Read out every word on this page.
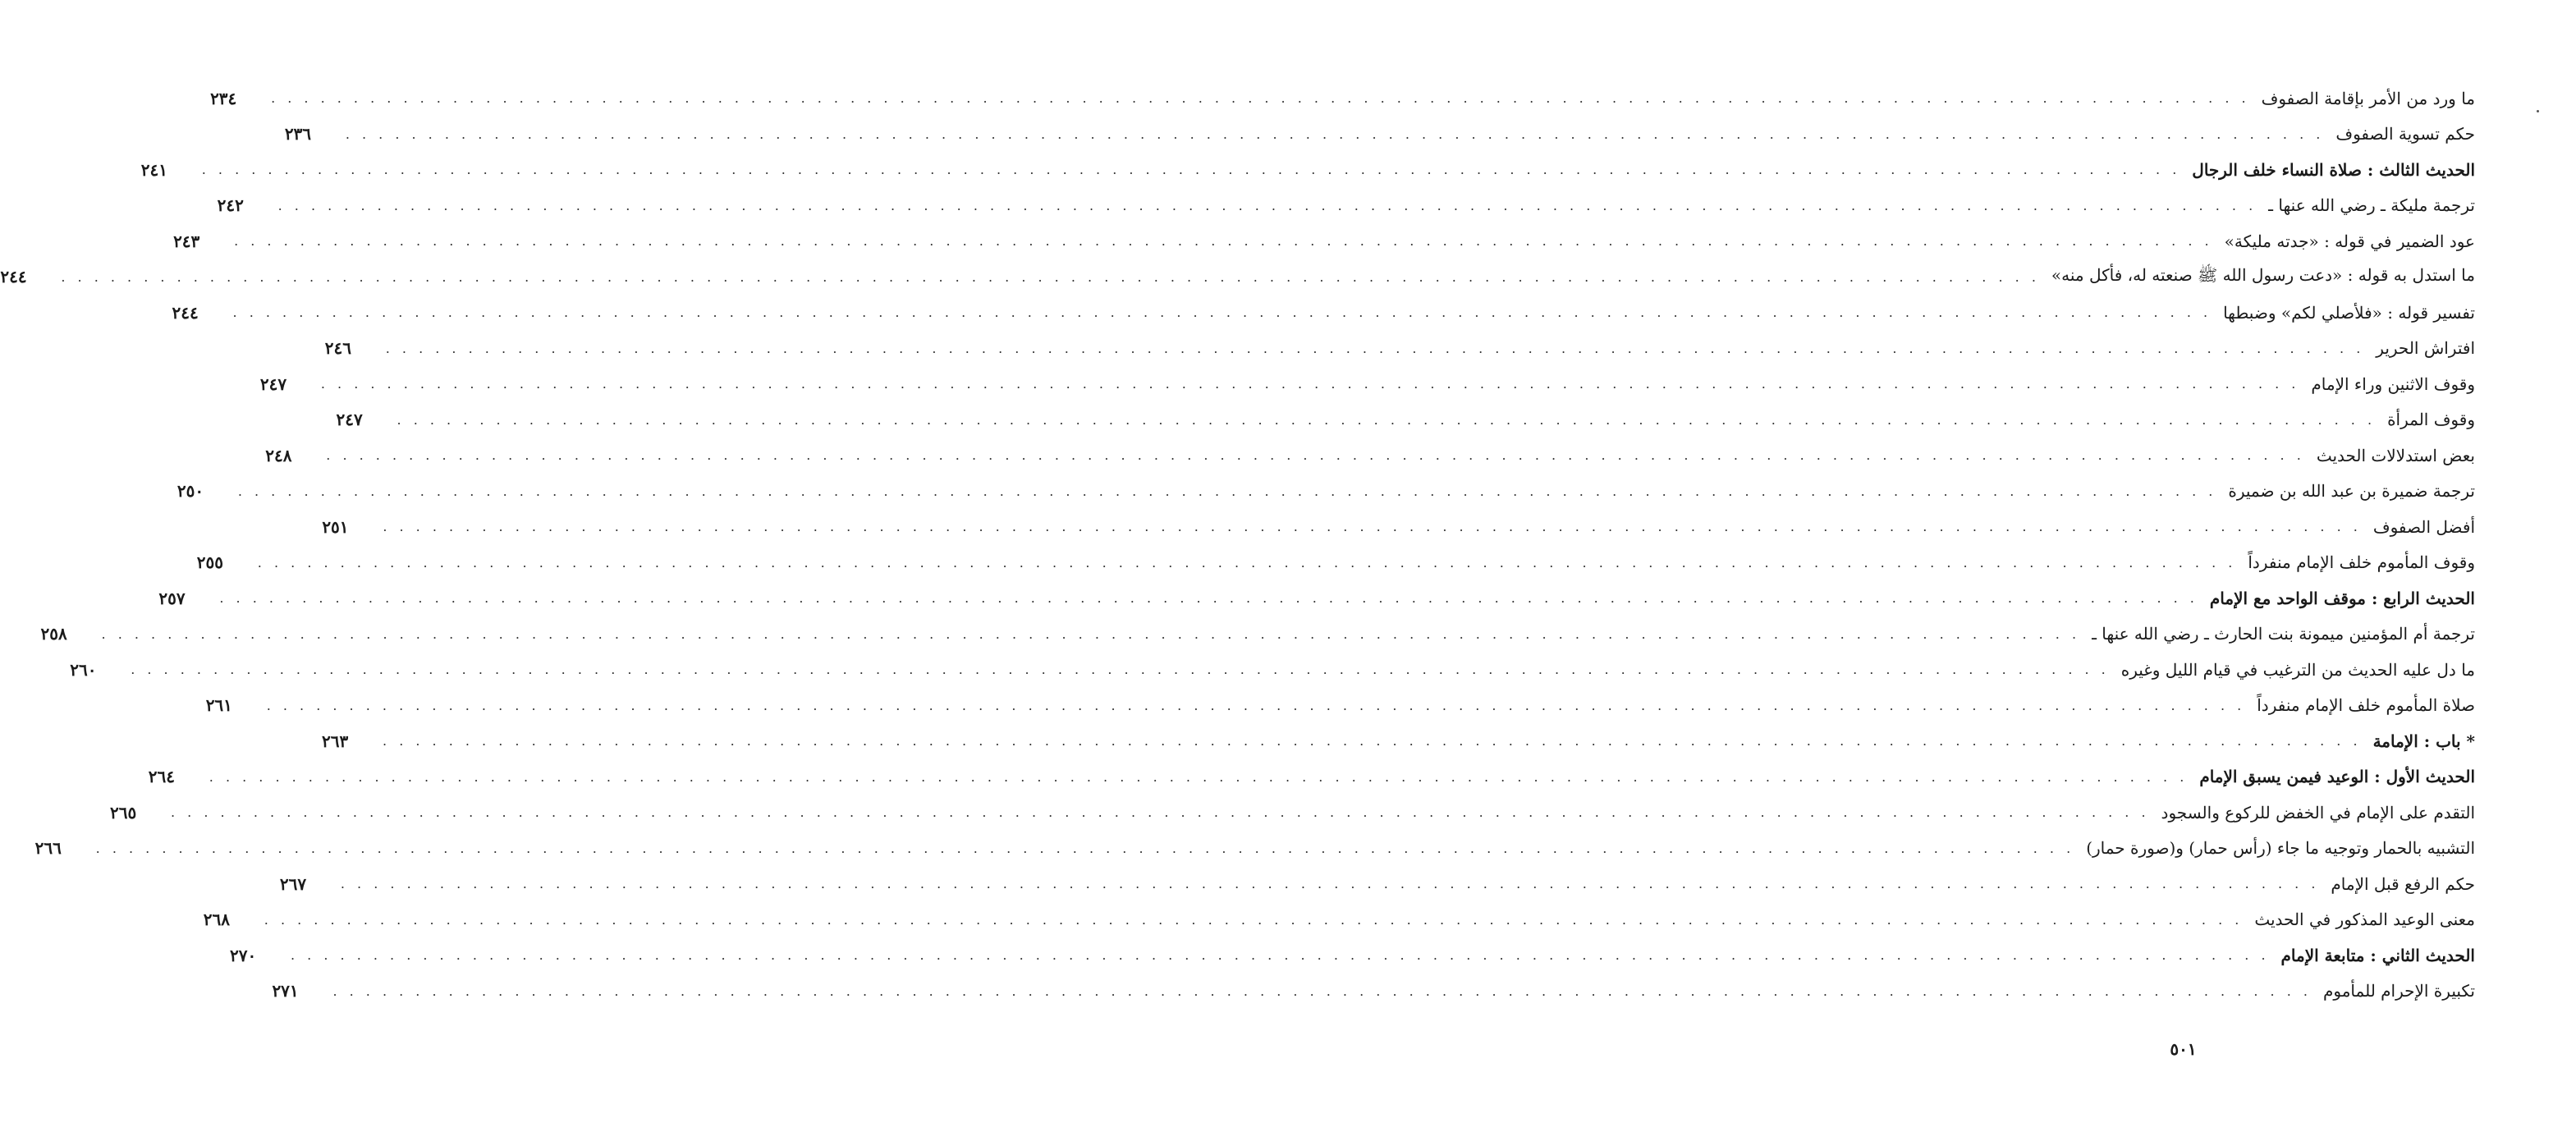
ما ورد من الأمر بإقامة الصفوف
. . . . . . . . . . . . . . . . . . . . . . . . . . . . . . . . . . . . . . . . . . . . . . . . . . . . . . . . . . . . . . . . . . . . . . . . . . . . . . . . . . . . . . . . . . . . . . . . . . . . . . . . . . . . . . . . . . . . . . . .
٢٣٤
حكم تسوية الصفوف
. . . . . . . . . . . . . . . . . . . . . . . . . . . . . . . . . . . . . . . . . . . . . . . . . . . . . . . . . . . . . . . . . . . . . . . . . . . . . . . . . . . . . . . . . . . . . . . . . . . . . . . . . . . . . . . . . . . . . . . .
٢٣٦
الحديث الثالث : صلاة النساء خلف الرجال
. . . . . . . . . . . . . . . . . . . . . . . . . . . . . . . . . . . . . . . . . . . . . . . . . . . . . . . . . . . . . . . . . . . . . . . . . . . . . . . . . . . . . . . . . . . . . . . . . . . . . . . . . . . . . . . . . . . . . . . .
٢٤١
ترجمة مليكة ـ رضي الله عنها ـ
. . . . . . . . . . . . . . . . . . . . . . . . . . . . . . . . . . . . . . . . . . . . . . . . . . . . . . . . . . . . . . . . . . . . . . . . . . . . . . . . . . . . . . . . . . . . . . . . . . . . . . . . . . . . . . . . . . . . . . . .
٢٤٢
عود الضمير في قوله : «جدته مليكة»
. . . . . . . . . . . . . . . . . . . . . . . . . . . . . . . . . . . . . . . . . . . . . . . . . . . . . . . . . . . . . . . . . . . . . . . . . . . . . . . . . . . . . . . . . . . . . . . . . . . . . . . . . . . . . . . . . . . . . . . .
٢٤٣
ما استدل به قوله : «دعت رسول الله ﷺ صنعته له، فأكل منه»
. . . . . . . . . . . . . . . . . . . . . . . . . . . . . . . . . . . . . . . . . . . . . . . . . . . . . . . . . . . . . . . . . . . . . . . . . . . . . . . . . . . . . . . . . . . . . . . . . . . . . . . . . . . . . . . . . . . . . . . .
٢٤٤
تفسير قوله : «فلأصلي لكم» وضبطها
. . . . . . . . . . . . . . . . . . . . . . . . . . . . . . . . . . . . . . . . . . . . . . . . . . . . . . . . . . . . . . . . . . . . . . . . . . . . . . . . . . . . . . . . . . . . . . . . . . . . . . . . . . . . . . . . . . . . . . . .
٢٤٤
افتراش الحرير
. . . . . . . . . . . . . . . . . . . . . . . . . . . . . . . . . . . . . . . . . . . . . . . . . . . . . . . . . . . . . . . . . . . . . . . . . . . . . . . . . . . . . . . . . . . . . . . . . . . . . . . . . . . . . . . . . . . . . . . .
٢٤٦
وقوف الاثنين وراء الإمام
. . . . . . . . . . . . . . . . . . . . . . . . . . . . . . . . . . . . . . . . . . . . . . . . . . . . . . . . . . . . . . . . . . . . . . . . . . . . . . . . . . . . . . . . . . . . . . . . . . . . . . . . . . . . . . . . . . . . . . . .
٢٤٧
وقوف المرأة
. . . . . . . . . . . . . . . . . . . . . . . . . . . . . . . . . . . . . . . . . . . . . . . . . . . . . . . . . . . . . . . . . . . . . . . . . . . . . . . . . . . . . . . . . . . . . . . . . . . . . . . . . . . . . . . . . . . . . . . .
٢٤٧
بعض استدلالات الحديث
. . . . . . . . . . . . . . . . . . . . . . . . . . . . . . . . . . . . . . . . . . . . . . . . . . . . . . . . . . . . . . . . . . . . . . . . . . . . . . . . . . . . . . . . . . . . . . . . . . . . . . . . . . . . . . . . . . . . . . . .
٢٤٨
ترجمة ضميرة بن عبد الله بن ضميرة
. . . . . . . . . . . . . . . . . . . . . . . . . . . . . . . . . . . . . . . . . . . . . . . . . . . . . . . . . . . . . . . . . . . . . . . . . . . . . . . . . . . . . . . . . . . . . . . . . . . . . . . . . . . . . . . . . . . . . . . .
٢٥٠
أفضل الصفوف
. . . . . . . . . . . . . . . . . . . . . . . . . . . . . . . . . . . . . . . . . . . . . . . . . . . . . . . . . . . . . . . . . . . . . . . . . . . . . . . . . . . . . . . . . . . . . . . . . . . . . . . . . . . . . . . . . . . . . . . .
٢٥١
وقوف المأموم خلف الإمام منفرداً
. . . . . . . . . . . . . . . . . . . . . . . . . . . . . . . . . . . . . . . . . . . . . . . . . . . . . . . . . . . . . . . . . . . . . . . . . . . . . . . . . . . . . . . . . . . . . . . . . . . . . . . . . . . . . . . . . . . . . . . .
٢٥٥
الحديث الرابع : موقف الواحد مع الإمام
. . . . . . . . . . . . . . . . . . . . . . . . . . . . . . . . . . . . . . . . . . . . . . . . . . . . . . . . . . . . . . . . . . . . . . . . . . . . . . . . . . . . . . . . . . . . . . . . . . . . . . . . . . . . . . . . . . . . . . . .
٢٥٧
ترجمة أم المؤمنين ميمونة بنت الحارث ـ رضي الله عنها ـ
. . . . . . . . . . . . . . . . . . . . . . . . . . . . . . . . . . . . . . . . . . . . . . . . . . . . . . . . . . . . . . . . . . . . . . . . . . . . . . . . . . . . . . . . . . . . . . . . . . . . . . . . . . . . . . . . . . . . . . . .
٢٥٨
ما دل عليه الحديث من الترغيب في قيام الليل وغيره
. . . . . . . . . . . . . . . . . . . . . . . . . . . . . . . . . . . . . . . . . . . . . . . . . . . . . . . . . . . . . . . . . . . . . . . . . . . . . . . . . . . . . . . . . . . . . . . . . . . . . . . . . . . . . . . . . . . . . . . .
٢٦٠
صلاة المأموم خلف الإمام منفرداً
. . . . . . . . . . . . . . . . . . . . . . . . . . . . . . . . . . . . . . . . . . . . . . . . . . . . . . . . . . . . . . . . . . . . . . . . . . . . . . . . . . . . . . . . . . . . . . . . . . . . . . . . . . . . . . . . . . . . . . . .
٢٦١
* باب : الإمامة
. . . . . . . . . . . . . . . . . . . . . . . . . . . . . . . . . . . . . . . . . . . . . . . . . . . . . . . . . . . . . . . . . . . . . . . . . . . . . . . . . . . . . . . . . . . . . . . . . . . . . . . . . . . . . . . . . . . . . . . .
٢٦٣
الحديث الأول : الوعيد فيمن يسبق الإمام
. . . . . . . . . . . . . . . . . . . . . . . . . . . . . . . . . . . . . . . . . . . . . . . . . . . . . . . . . . . . . . . . . . . . . . . . . . . . . . . . . . . . . . . . . . . . . . . . . . . . . . . . . . . . . . . . . . . . . . . .
٢٦٤
التقدم على الإمام في الخفض للركوع والسجود
. . . . . . . . . . . . . . . . . . . . . . . . . . . . . . . . . . . . . . . . . . . . . . . . . . . . . . . . . . . . . . . . . . . . . . . . . . . . . . . . . . . . . . . . . . . . . . . . . . . . . . . . . . . . . . . . . . . . . . . .
٢٦٥
التشبيه بالحمار وتوجيه ما جاء (رأس حمار) و(صورة حمار)
. . . . . . . . . . . . . . . . . . . . . . . . . . . . . . . . . . . . . . . . . . . . . . . . . . . . . . . . . . . . . . . . . . . . . . . . . . . . . . . . . . . . . . . . . . . . . . . . . . . . . . . . . . . . . . . . . . . . . . . .
٢٦٦
حكم الرفع قبل الإمام
. . . . . . . . . . . . . . . . . . . . . . . . . . . . . . . . . . . . . . . . . . . . . . . . . . . . . . . . . . . . . . . . . . . . . . . . . . . . . . . . . . . . . . . . . . . . . . . . . . . . . . . . . . . . . . . . . . . . . . . .
٢٦٧
معنى الوعيد المذكور في الحديث
. . . . . . . . . . . . . . . . . . . . . . . . . . . . . . . . . . . . . . . . . . . . . . . . . . . . . . . . . . . . . . . . . . . . . . . . . . . . . . . . . . . . . . . . . . . . . . . . . . . . . . . . . . . . . . . . . . . . . . . .
٢٦٨
الحديث الثاني : متابعة الإمام
. . . . . . . . . . . . . . . . . . . . . . . . . . . . . . . . . . . . . . . . . . . . . . . . . . . . . . . . . . . . . . . . . . . . . . . . . . . . . . . . . . . . . . . . . . . . . . . . . . . . . . . . . . . . . . . . . . . . . . . .
٢٧٠
تكبيرة الإحرام للمأموم
. . . . . . . . . . . . . . . . . . . . . . . . . . . . . . . . . . . . . . . . . . . . . . . . . . . . . . . . . . . . . . . . . . . . . . . . . . . . . . . . . . . . . . . . . . . . . . . . . . . . . . . . . . . . . . . . . . . . . . . .
٢٧١
٥٠١
